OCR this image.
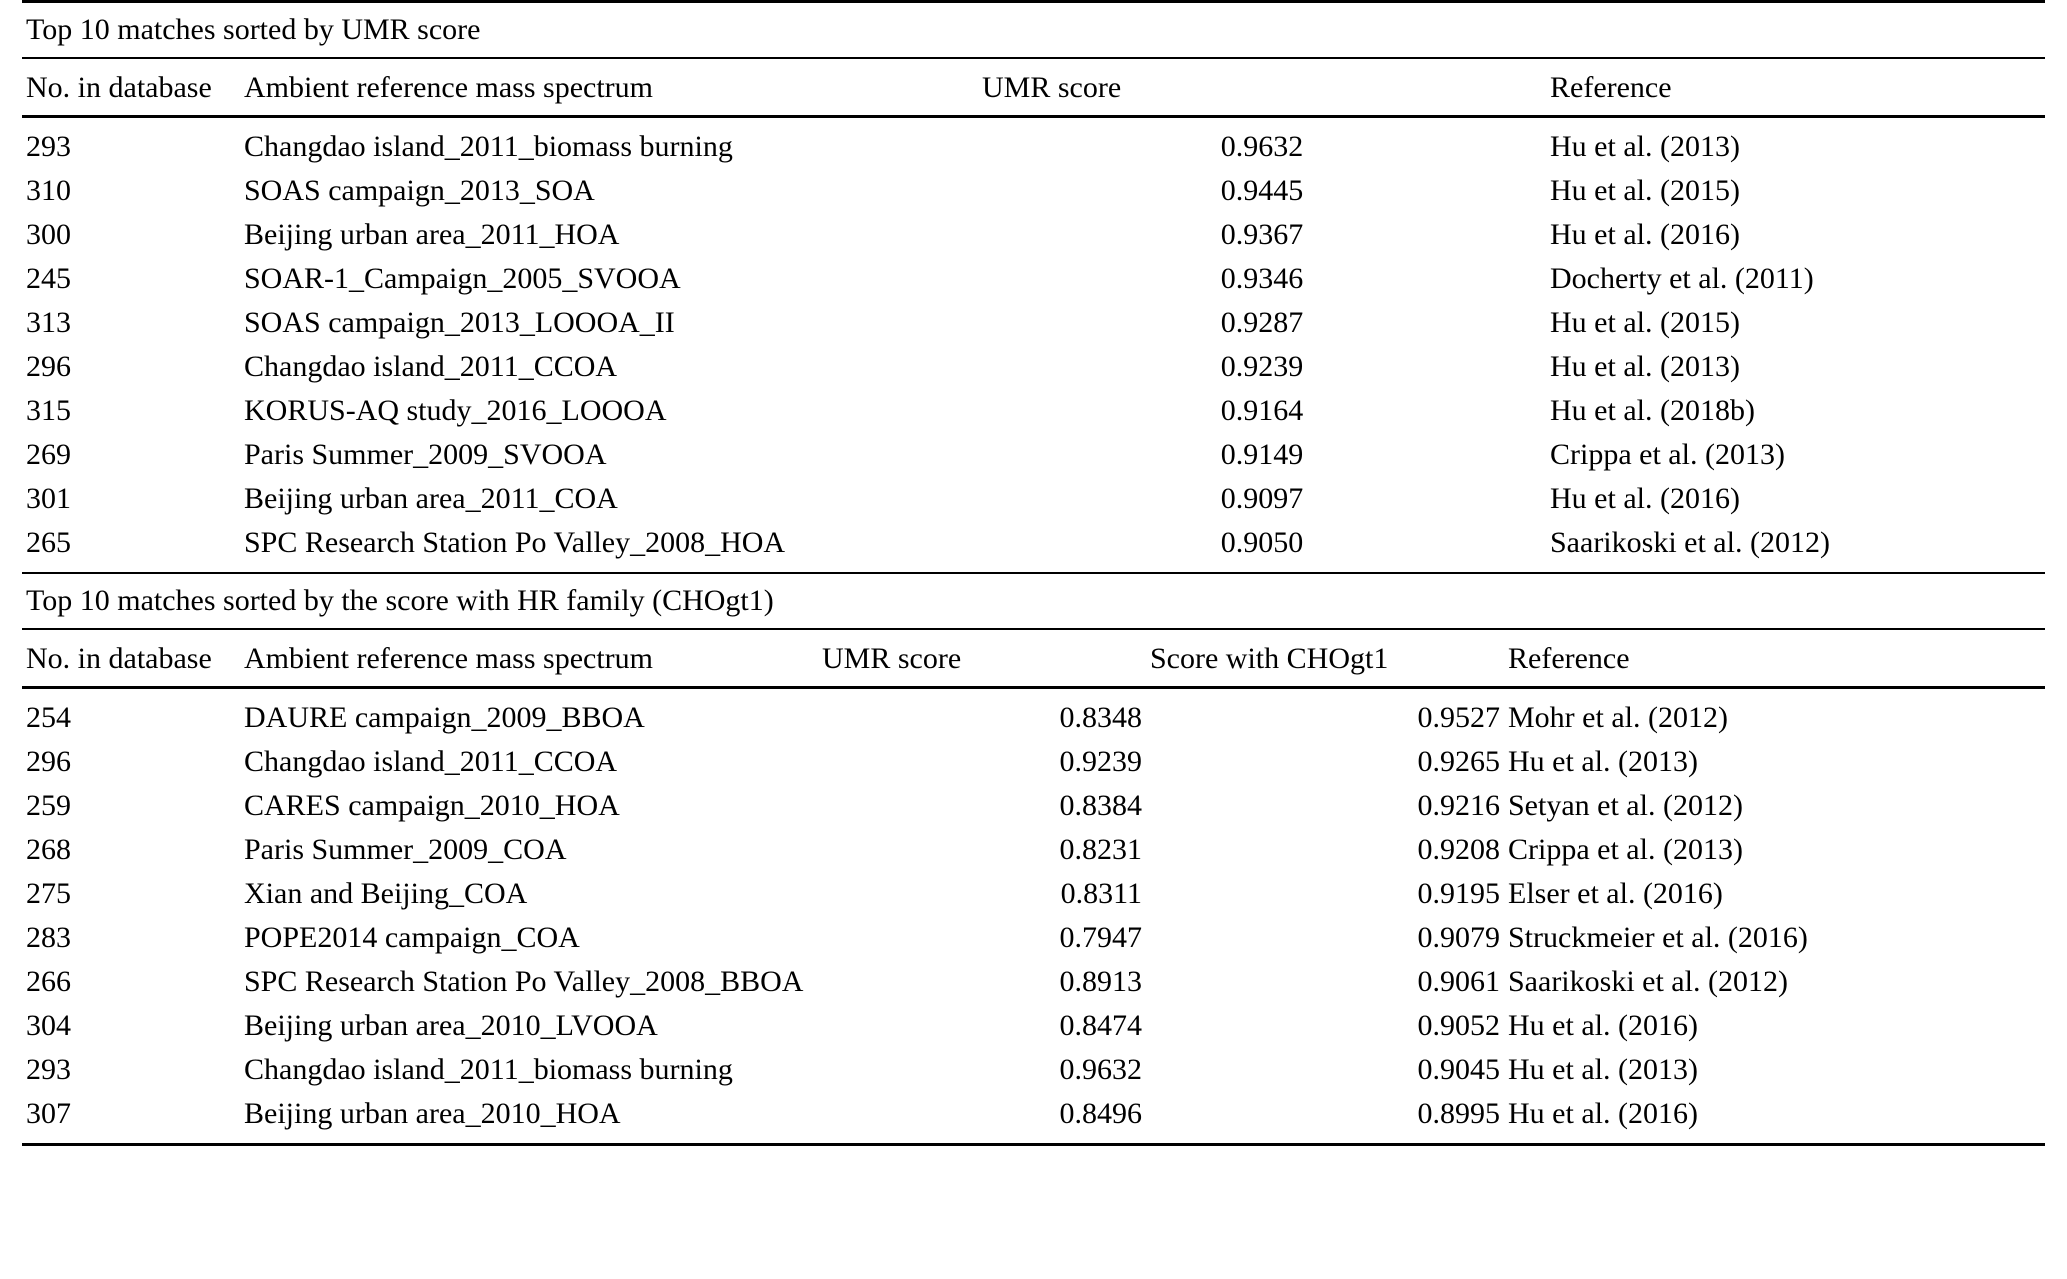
Top 10 matches sorted by UMR score			
No. in database	Ambient reference mass spectrum	UMR score	Reference
293	Changdao island_2011_biomass burning	0.9632	Hu et al. (2013)
310	SOAS campaign_2013_SOA	0.9445	Hu et al. (2015)
300	Beijing urban area_2011_HOA	0.9367	Hu et al. (2016)
245	SOAR-1_Campaign_2005_SVOOA	0.9346	Docherty et al. (2011)
313	SOAS campaign_2013_LOOOA_II	0.9287	Hu et al. (2015)
296	Changdao island_2011_CCOA	0.9239	Hu et al. (2013)
315	KORUS-AQ study_2016_LOOOA	0.9164	Hu et al. (2018b)
269	Paris Summer_2009_SVOOA	0.9149	Crippa et al. (2013)
301	Beijing urban area_2011_COA	0.9097	Hu et al. (2016)
265	SPC Research Station Po Valley_2008_HOA	0.9050	Saarikoski et al. (2012)
Top 10 matches sorted by the score with HR family (CHOgt1)				
No. in database	Ambient reference mass spectrum	UMR score	Score with CHOgt1	Reference
254	DAURE campaign_2009_BBOA	0.8348	0.9527	Mohr et al. (2012)
296	Changdao island_2011_CCOA	0.9239	0.9265	Hu et al. (2013)
259	CARES campaign_2010_HOA	0.8384	0.9216	Setyan et al. (2012)
268	Paris Summer_2009_COA	0.8231	0.9208	Crippa et al. (2013)
275	Xian and Beijing_COA	0.8311	0.9195	Elser et al. (2016)
283	POPE2014 campaign_COA	0.7947	0.9079	Struckmeier et al. (2016)
266	SPC Research Station Po Valley_2008_BBOA	0.8913	0.9061	Saarikoski et al. (2012)
304	Beijing urban area_2010_LVOOA	0.8474	0.9052	Hu et al. (2016)
293	Changdao island_2011_biomass burning	0.9632	0.9045	Hu et al. (2013)
307	Beijing urban area_2010_HOA	0.8496	0.8995	Hu et al. (2016)
